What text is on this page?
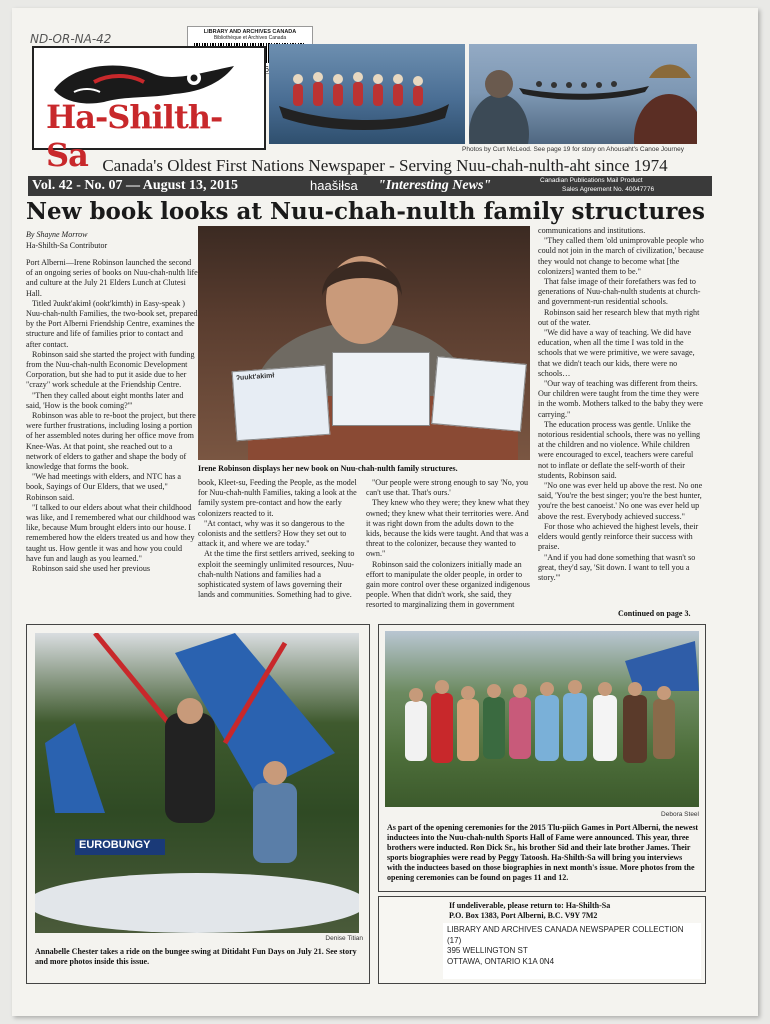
ND-OR-NA-42	LIBRARY AND ARCHIVES CANADA
Bibliothèque et Archives Canada
Ha-Shilth-Sa	Photos by Curt McLeod. See page 19 for story on Ahousaht's Canoe Journey
Canada's Oldest First Nations Newspaper - Serving Nuu-chah-nulth-aht since 1974
Vol. 42 - No. 07 — August 13, 2015	haašiłsa "Interesting News"	Canadian Publications Mail Product
Sales Agreement No. 40047776
New book looks at Nuu-chah-nulth family structures
By Shayne Morrow
Ha-Shilth-Sa Contributor

Port Alberni—Irene Robinson launched the second of an ongoing series of books on Nuu-chah-nulth life and culture at the July 21 Elders Lunch at Clutesi Hall.

Titled ʔuukt'akimł (ookt'kimth) in Easy-speak ) Nuu-chah-nulth Families, the two-book set, prepared by the Port Alberni Friendship Centre, examines the structure and life of families prior to contact and after contact.

Robinson said she started the project with funding from the Nuu-chah-nulth Economic Development Corporation, but she had to put it aside due to her "crazy" work schedule at the Friendship Centre.

"Then they called about eight months later and said, 'How is the book coming?'"

Robinson was able to re-boot the project, but there were further frustrations, including losing a portion of her assembled notes during her office move from Knee-Was. At that point, she reached out to a network of elders to gather and shape the body of knowledge that forms the book.

"We had meetings with elders, and NTC has a book, Sayings of Our Elders, that we used," Robinson said.

"I talked to our elders about what their childhood was like, and I remembered what our childhood was like, because Mum brought elders into our house. I remembered how the elders treated us and how they taught us. How gentle it was and how you could have fun and laugh as you learned."

Robinson said she used her previous

ʔuukt'akimł
Irene Robinson displays her new book on Nuu-chah-nulth family structures.

book, Kleet-su, Feeding the People, as the model for Nuu-chah-nulth Families, taking a look at the family system pre-contact and how the early colonizers reacted to it.

"At contact, why was it so dangerous to the colonists and the settlers? How they set out to attack it, and where we are today."

At the time the first settlers arrived, seeking to exploit the seemingly unlimited resources, Nuu-chah-nulth Nations and families had a sophisticated system of laws governing their lands and communities. Something had to give.

"Our people were strong enough to say 'No, you can't use that. That's ours.'

They knew who they were; they knew what they owned; they knew what their territories were. And it was right down from the adults down to the kids, because the kids were taught. And that was a threat to the colonizer, because they wanted to own."

Robinson said the colonizers initially made an effort to manipulate the older people, in order to gain more control over these organized indigenous people. When that didn't work, she said, they resorted to marginalizing them in government

communications and institutions.

"They called them 'old unimprovable people who could not join in the march of civilization,' because they would not change to become what [the colonizers] wanted them to be."

That false image of their forefathers was fed to generations of Nuu-chah-nulth students at church- and government-run residential schools.

Robinson said her research blew that myth right out of the water.

"We did have a way of teaching. We did have education, when all the time I was told in the schools that we were primitive, we were savage, that we didn't teach our kids, there were no schools…

"Our way of teaching was different from theirs. Our children were taught from the time they were in the womb. Mothers talked to the baby they were carrying."

The education process was gentle. Unlike the notorious residential schools, there was no yelling at the children and no violence. While children were encouraged to excel, teachers were careful not to inflate or deflate the self-worth of their students, Robinson said.

"No one was ever held up above the rest. No one said, 'You're the best singer; you're the best hunter, you're the best canoeist.' No one was ever held up above the rest. Everybody achieved success."

For those who achieved the highest levels, their elders would gently reinforce their success with praise.

"And if you had done something that wasn't so great, they'd say, 'Sit down. I want to tell you a story.'"

Continued on page 3.
EUROBUNGY
Denise Titian
Annabelle Chester takes a ride on the bungee swing at Ditidaht Fun Days on July 21. See story and more photos inside this issue.
Debora Steel
As part of the opening ceremonies for the 2015 Tlu-piich Games in Port Alberni, the newest inductees into the Nuu-chah-nulth Sports Hall of Fame were announced. This year, three brothers were inducted. Ron Dick Sr., his brother Sid and their late brother James. Their sports biographies were read by Peggy Tatoosh. Ha-Shilth-Sa will bring you interviews with the inductees based on those biographies in next month's issue. More photos from the opening ceremonies can be found on pages 11 and 12.
If undeliverable, please return to: Ha-Shilth-Sa
P.O. Box 1383, Port Alberni, B.C. V9Y 7M2
LIBRARY AND ARCHIVES CANADA NEWSPAPER COLLECTION
(17)
395 WELLINGTON ST
OTTAWA, ONTARIO K1A 0N4
